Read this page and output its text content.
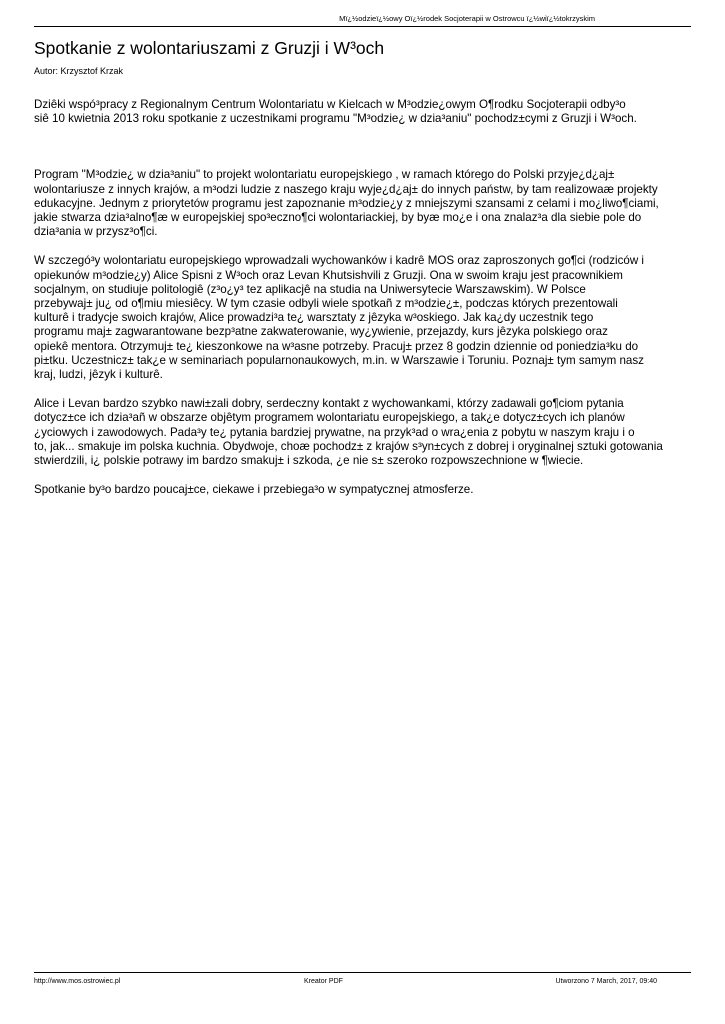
Mï¿½odzieï¿½owy Oï¿½rodek Socjoterapii w Ostrowcu ï¿½wiï¿½tokrzyskim
Spotkanie z wolontariuszami z Gruzji i W³och
Autor: Krzysztof Krzak

Dziêki wspó³pracy z Regionalnym Centrum Wolontariatu w Kielcach w M³odzie¿owym O¶rodku Socjoterapii odby³o
siê 10 kwietnia 2013 roku spotkanie z uczestnikami programu "M³odzie¿ w dzia³aniu" pochodz±cymi z Gruzji i W³och.

Program "M³odzie¿ w dzia³aniu" to projekt wolontariatu europejskiego , w ramach którego do Polski przyje¿d¿aj±
wolontariusze z innych krajów, a m³odzi ludzie z naszego kraju wyje¿d¿aj± do innych państw, by tam realizowaæ projekty
edukacyjne. Jednym z priorytetów programu jest zapoznanie m³odzie¿y z mniejszymi szansami z celami i mo¿liwo¶ciami,
jakie stwarza dzia³alno¶æ w europejskiej spo³eczno¶ci wolontariackiej, by byæ mo¿e i ona znalaz³a dla siebie pole do
dzia³ania w przysz³o¶ci.

W szczegó³y wolontariatu europejskiego wprowadzali wychowanków i kadrê MOS oraz zaproszonych go¶ci (rodziców i
opiekunów m³odzie¿y) Alice Spisni z W³och oraz Levan Khutsishvili z Gruzji. Ona w swoim kraju jest pracownikiem
socjalnym, on studiuje politologiê (z³o¿y³ tez aplikacjê na studia na Uniwersytecie Warszawskim). W Polsce
przebywaj± ju¿ od o¶miu miesiêcy. W tym czasie odbyli wiele spotkañ z m³odzie¿±, podczas których prezentowali
kulturê i tradycje swoich krajów, Alice prowadzi³a te¿ warsztaty z jêzyka w³oskiego. Jak ka¿dy uczestnik tego
programu maj± zagwarantowane bezp³atne zakwaterowanie, wy¿ywienie, przejazdy, kurs jêzyka polskiego oraz
opiekê mentora. Otrzymuj± te¿ kieszonkowe na w³asne potrzeby. Pracuj± przez 8 godzin dziennie od poniedzia³ku do
pi±tku. Uczestnicz± tak¿e w seminariach popularnonaukowych, m.in. w Warszawie i Toruniu. Poznaj± tym samym nasz
kraj, ludzi, jêzyk i kulturê.

Alice i Levan bardzo szybko nawi±zali dobry, serdeczny kontakt z wychowankami, którzy zadawali go¶ciom pytania
dotycz±ce ich dzia³añ w obszarze objêtym programem wolontariatu europejskiego, a tak¿e dotycz±cych ich planów
¿yciowych i zawodowych. Pada³y te¿ pytania bardziej prywatne, na przyk³ad o wra¿enia z pobytu w naszym kraju i o
to, jak... smakuje im polska kuchnia. Obydwoje, choæ pochodz± z krajów s³yn±cych z dobrej i oryginalnej sztuki gotowania
stwierdzili, i¿ polskie potrawy im bardzo smakuj± i szkoda, ¿e nie s± szeroko rozpowszechnione w ¶wiecie.

Spotkanie by³o bardzo poucaj±ce, ciekawe i przebiega³o w sympatycznej atmosferze.

http://www.mos.ostrowiec.pl	Kreator PDF	Utworzono 7 March, 2017, 09:40
